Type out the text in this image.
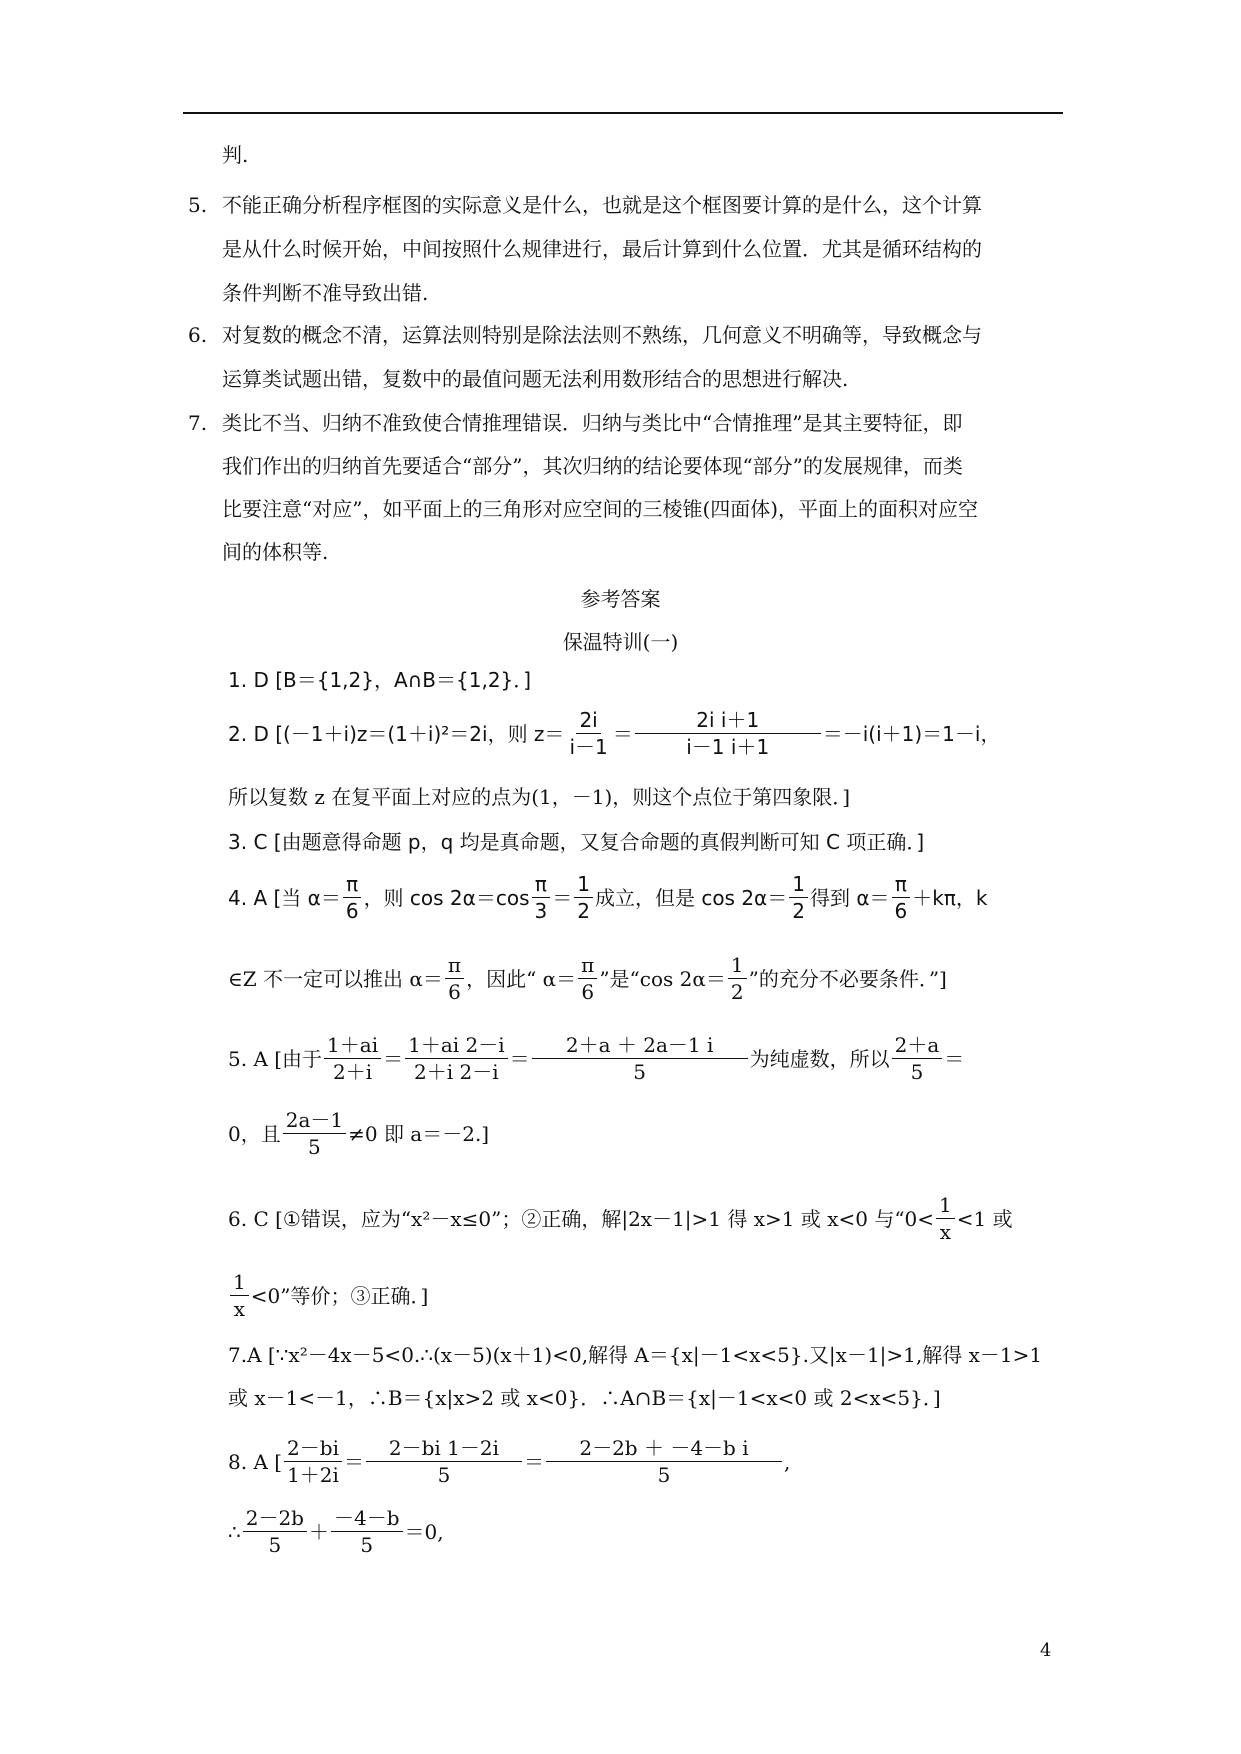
判.
5. 不能正确分析程序框图的实际意义是什么，也就是这个框图要计算的是什么，这个计算
是从什么时候开始，中间按照什么规律进行，最后计算到什么位置．尤其是循环结构的
条件判断不准导致出错.
6. 对复数的概念不清，运算法则特别是除法法则不熟练，几何意义不明确等，导致概念与
运算类试题出错，复数中的最值问题无法利用数形结合的思想进行解决.
7. 类比不当、归纳不准致使合情推理错误．归纳与类比中“合情推理”是其主要特征，即
我们作出的归纳首先要适合“部分”，其次归纳的结论要体现“部分”的发展规律，而类
比要注意“对应”，如平面上的三角形对应空间的三棱锥(四面体)，平面上的面积对应空
间的体积等.
参考答案
保温特训(一)
1. D [B＝{1,2}，A∩B＝{1,2}．]
2. D [(－1＋i)z＝(1＋i)²＝2i，则 $z= \frac{2i}{i-1} = \frac{\text{2i i＋1}}{i-1 i+1} =-i(i+1)=1-i$，
所以复数 z 在复平面上对应的点为(1，－1)，则这个点位于第四象限．]
3. C [由题意得命题 p，q 均是真命题，又复合命题的真假判断可知 C 项正确．]
4. A [当 $\alpha= \frac{\pi}{6}$ ，则 $\cos 2\alpha=\cos \frac{\pi}{3} = \frac{1}{2}$ 成立，但是 $\cos 2\alpha= \frac{1}{2}$ 得到 $\alpha= \frac{\pi}{6} +k\pi$，k
∈Z 不一定可以推出 $\alpha= \frac{\pi}{6}$ ，因此“ $\alpha= \frac{\pi}{6}$ ”是“cos $2\alpha= \frac{1}{2}$ ”的充分不必要条件．”]
5. A [由于 $\frac{1+ai}{2+i} = \frac{1+ai 2-i}{2+i 2-i} = \frac{2+a + 2a-1 i}{5}$ 为纯虚数，所以 $\frac{2+a}{5}$ ＝
0，且 $\frac{2a-1}{5} \ne 0$ 即 a＝－2.]
6. C [①错误，应为“x²－x≤0”；②正确，解|2x－1|>1 得 x>1 或 x<0 与“$0< \frac{1}{x} <1$ 或
$\frac{1}{x} <0$”等价；③正确．]
7.A [∵x²－4x－5<0.∴(x－5)(x＋1)<0,解得 A＝{x|－1<x<5}.又|x－1|>1,解得 x－1>1
或 x－1<－1，∴B＝{x|x>2 或 x<0}．∴A∩B＝{x|－1<x<0 或 2<x<5}．]
8. A [ $\frac{2-bi}{1+2i} = \frac{2-bi 1-2i}{5} = \frac{\text{2－2b ＋ －4－b i}}{5}$ ,
∴ $\frac{2-2b}{5} + \frac{-4-b}{5} =0$,
4
